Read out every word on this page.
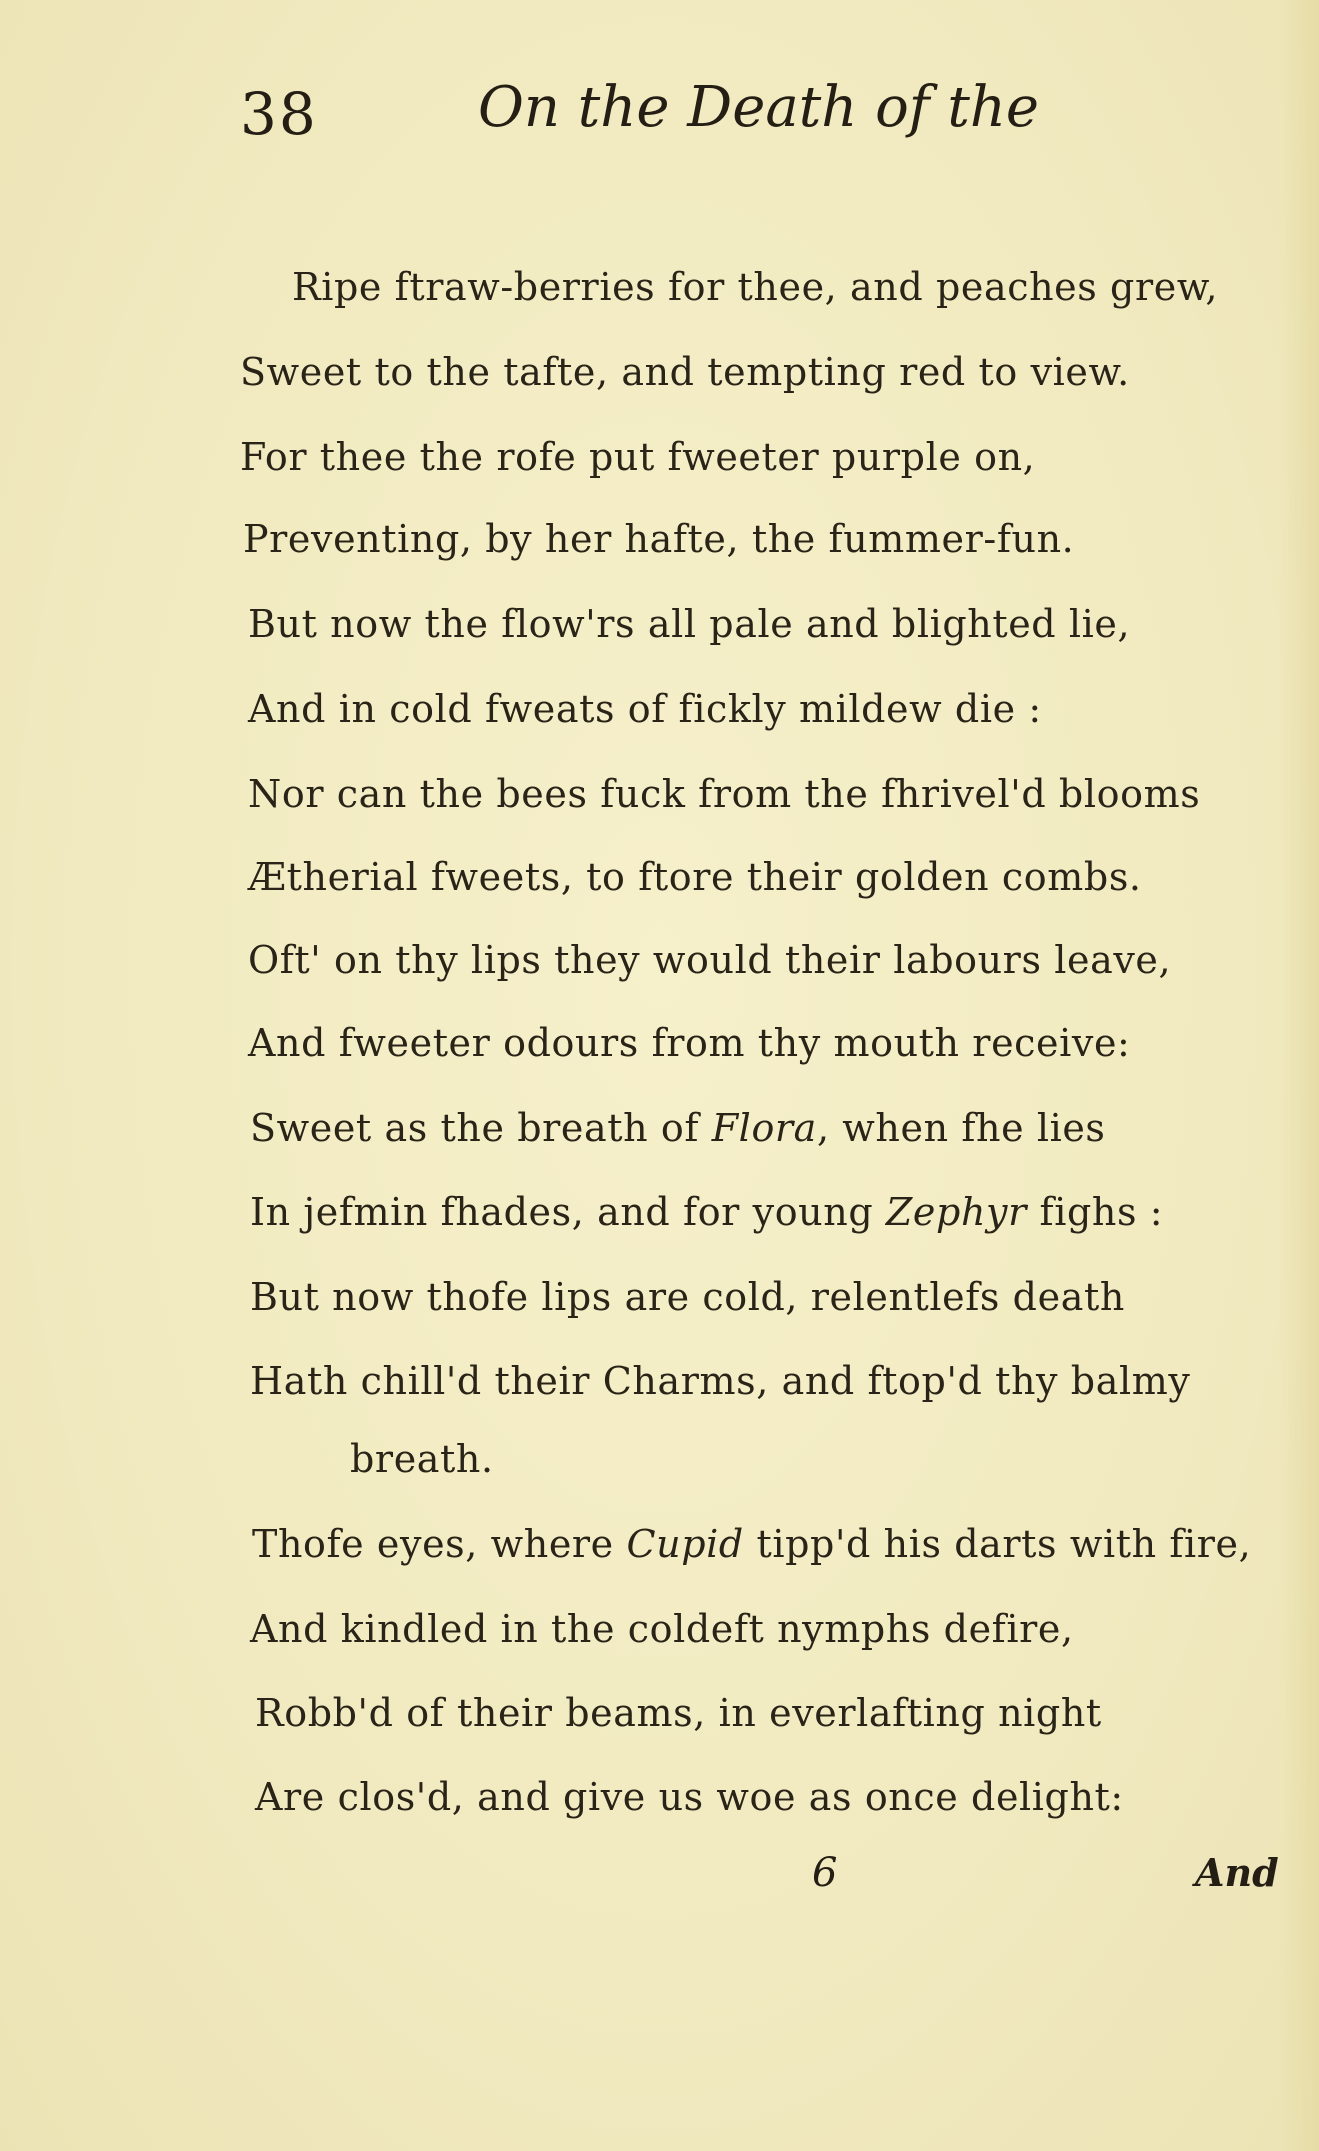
38	On the Death of the
Ripe ftraw-berries for thee, and peaches grew,
Sweet to the tafte, and tempting red to view.
For thee the rofe put fweeter purple on,
Preventing, by her hafte, the fummer-fun.
But now the flow'rs all pale and blighted lie,
And in cold fweats of fickly mildew die :
Nor can the bees fuck from the fhrivel'd blooms
Ætherial fweets, to ftore their golden combs.
Oft' on thy lips they would their labours leave,
And fweeter odours from thy mouth receive:
Sweet as the breath of Flora, when fhe lies
In jefmin fhades, and for young Zephyr fighs :
But now thofe lips are cold, relentlefs death
Hath chill'd their Charms, and ftop'd thy balmy
breath.
Thofe eyes, where Cupid tipp'd his darts with fire,
And kindled in the coldeft nymphs defire,
Robb'd of their beams, in everlafting night
Are clos'd, and give us woe as once delight:
6	And
